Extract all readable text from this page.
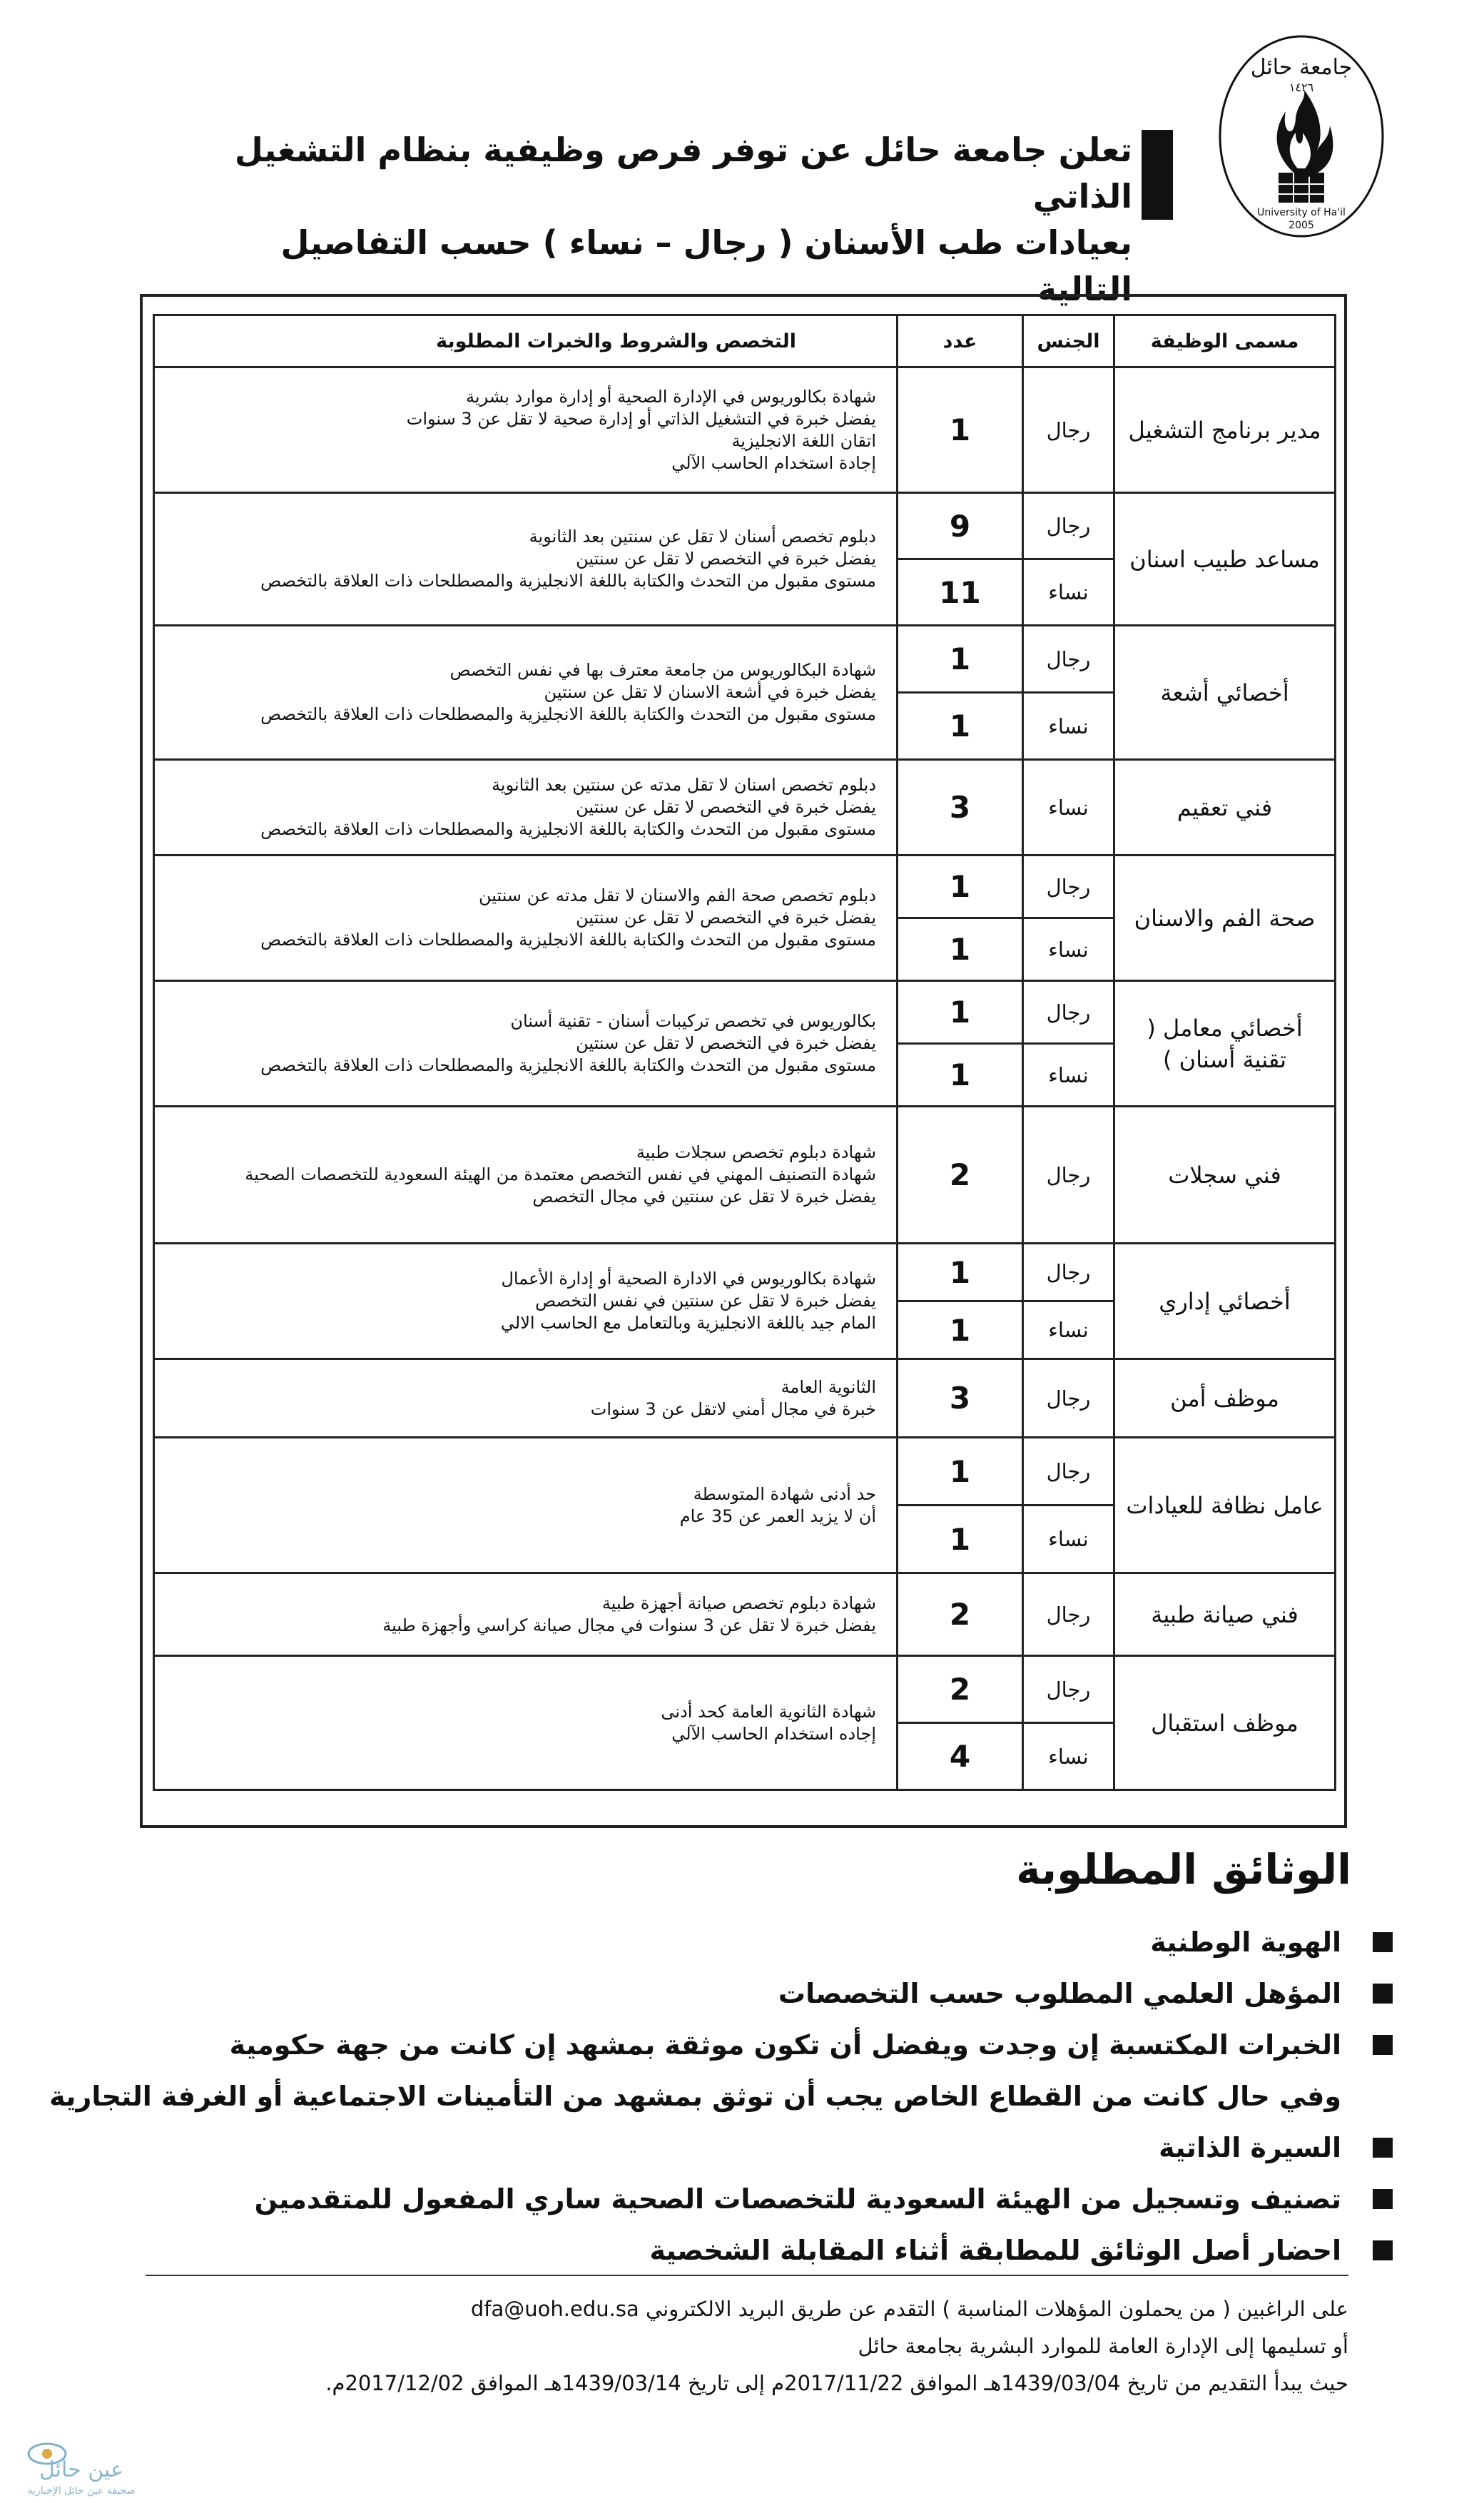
جامعة حائل
١٤٢٦
University of Ha'il
2005
تعلن جامعة حائل عن توفر فرص وظيفية بنظام التشغيل الذاتي
بعيادات طب الأسنان ( رجال – نساء ) حسب التفاصيل التالية
مسمى الوظيفة	الجنس	عدد	التخصص والشروط والخبرات المطلوبة
مدير برنامج التشغيل	رجال	1	شهادة بكالوريوس في الإدارة الصحية أو إدارة موارد بشرية
يفضل خبرة في التشغيل الذاتي أو إدارة صحية لا تقل عن 3 سنوات
اتقان اللغة الانجليزية
إجادة استخدام الحاسب الآلي

مساعد طبيب اسنان	رجال	9	دبلوم تخصص أسنان لا تقل عن سنتين بعد الثانوية
يفضل خبرة في التخصص لا تقل عن سنتين
مستوى مقبول من التحدث والكتابة باللغة الانجليزية والمصطلحات ذات العلاقة بالتخصص

	نساء	11	
أخصائي أشعة	رجال	1	شهادة البكالوريوس من جامعة معترف بها في نفس التخصص
يفضل خبرة في أشعة الاسنان لا تقل عن سنتين
مستوى مقبول من التحدث والكتابة باللغة الانجليزية والمصطلحات ذات العلاقة بالتخصص

	نساء	1	
فني تعقيم	نساء	3	دبلوم تخصص اسنان لا تقل مدته عن سنتين بعد الثانوية
يفضل خبرة في التخصص لا تقل عن سنتين
مستوى مقبول من التحدث والكتابة باللغة الانجليزية والمصطلحات ذات العلاقة بالتخصص

صحة الفم والاسنان	رجال	1	دبلوم تخصص صحة الفم والاسنان لا تقل مدته عن سنتين
يفضل خبرة في التخصص لا تقل عن سنتين
مستوى مقبول من التحدث والكتابة باللغة الانجليزية والمصطلحات ذات العلاقة بالتخصص

	نساء	1	
أخصائي معامل ( تقنية أسنان )	رجال	1	بكالوريوس في تخصص تركيبات أسنان - تقنية أسنان
يفضل خبرة في التخصص لا تقل عن سنتين
مستوى مقبول من التحدث والكتابة باللغة الانجليزية والمصطلحات ذات العلاقة بالتخصص

	نساء	1	
فني سجلات	رجال	2	شهادة دبلوم تخصص سجلات طبية
شهادة التصنيف المهني في نفس التخصص معتمدة من الهيئة السعودية للتخصصات الصحية
يفضل خبرة لا تقل عن سنتين في مجال التخصص

أخصائي إداري	رجال	1	شهادة بكالوريوس في الادارة الصحية أو إدارة الأعمال
يفضل خبرة لا تقل عن سنتين في نفس التخصص
المام جيد باللغة الانجليزية وبالتعامل مع الحاسب الالي

	نساء	1	
موظف أمن	رجال	3	الثانوية العامة
خبرة في مجال أمني لاتقل عن 3 سنوات

عامل نظافة للعيادات	رجال	1	حد أدنى شهادة المتوسطة
أن لا يزيد العمر عن 35 عام

	نساء	1	
فني صيانة طبية	رجال	2	شهادة دبلوم تخصص صيانة أجهزة طبية
يفضل خبرة لا تقل عن 3 سنوات في مجال صيانة كراسي وأجهزة طبية

موظف استقبال	رجال	2	شهادة الثانوية العامة كحد أدنى
إجاده استخدام الحاسب الآلي

	نساء	4	
الوثائق المطلوبة
الهوية الوطنية
المؤهل العلمي المطلوب حسب التخصصات
الخبرات المكتسبة إن وجدت ويفضل أن تكون موثقة بمشهد إن كانت من جهة حكومية
وفي حال كانت من القطاع الخاص يجب أن توثق بمشهد من التأمينات الاجتماعية أو الغرفة التجارية
السيرة الذاتية
تصنيف وتسجيل من الهيئة السعودية للتخصصات الصحية ساري المفعول للمتقدمين
احضار أصل الوثائق للمطابقة أثناء المقابلة الشخصية
على الراغبين ( من يحملون المؤهلات المناسبة ) التقدم عن طريق البريد الالكتروني dfa@uoh.edu.sa
أو تسليمها إلى الإدارة العامة للموارد البشرية بجامعة حائل
حيث يبدأ التقديم من تاريخ 1439/03/04هـ الموافق 2017/11/22م إلى تاريخ 1439/03/14هـ الموافق 2017/12/02م.
عين حائل
صحيفة عين حائل الإخبارية
